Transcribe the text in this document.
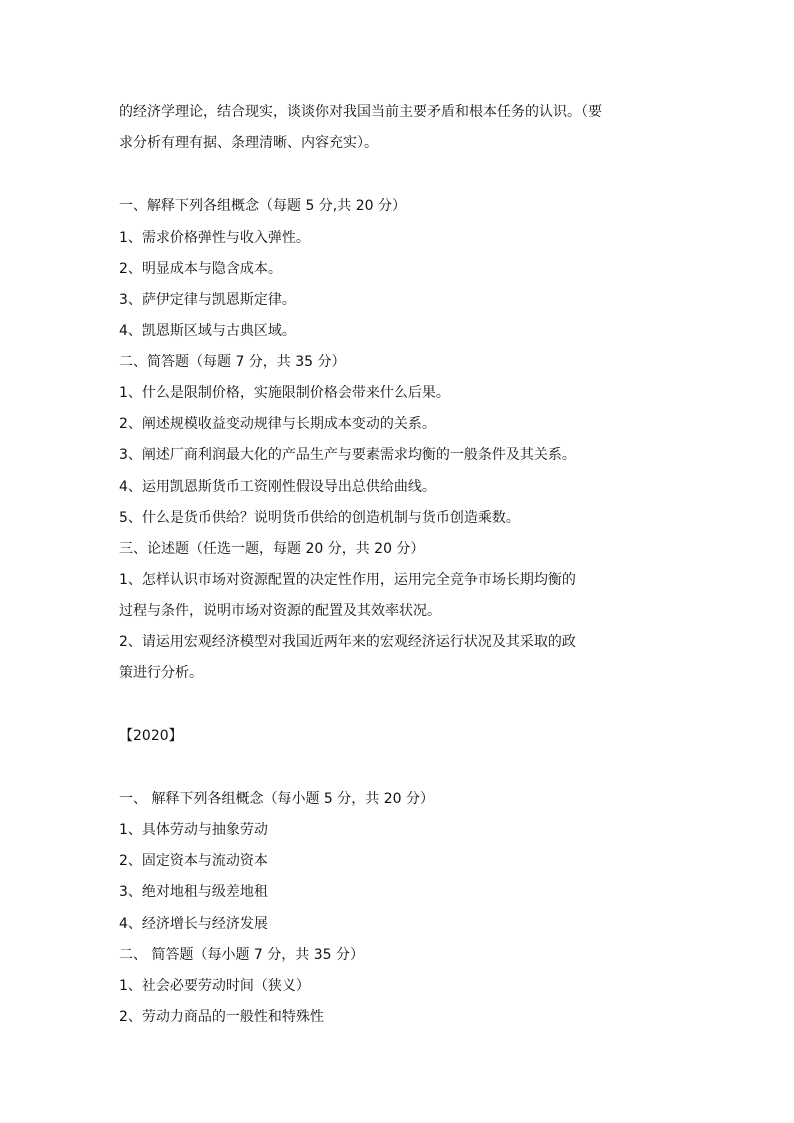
的经济学理论，结合现实，谈谈你对我国当前主要矛盾和根本任务的认识。（要
求分析有理有据、条理清晰、内容充实）。
一、解释下列各组概念（每题 5 分,共 20 分）
1、需求价格弹性与收入弹性。
2、明显成本与隐含成本。
3、萨伊定律与凯恩斯定律。
4、凯恩斯区域与古典区域。
二、简答题（每题 7 分，共 35 分）
1、什么是限制价格，实施限制价格会带来什么后果。
2、阐述规模收益变动规律与长期成本变动的关系。
3、阐述厂商利润最大化的产品生产与要素需求均衡的一般条件及其关系。
4、运用凯恩斯货币工资刚性假设导出总供给曲线。
5、什么是货币供给？说明货币供给的创造机制与货币创造乘数。
三、论述题（任选一题，每题 20 分，共 20 分）
1、怎样认识市场对资源配置的决定性作用，运用完全竞争市场长期均衡的
过程与条件，说明市场对资源的配置及其效率状况。
2、请运用宏观经济模型对我国近两年来的宏观经济运行状况及其采取的政
策进行分析。
【2020】
一、 解释下列各组概念（每小题 5 分，共 20 分）
1、具体劳动与抽象劳动
2、固定资本与流动资本
3、绝对地租与级差地租
4、经济增长与经济发展
二、 简答题（每小题 7 分，共 35 分）
1、社会必要劳动时间（狭义）
2、劳动力商品的一般性和特殊性
